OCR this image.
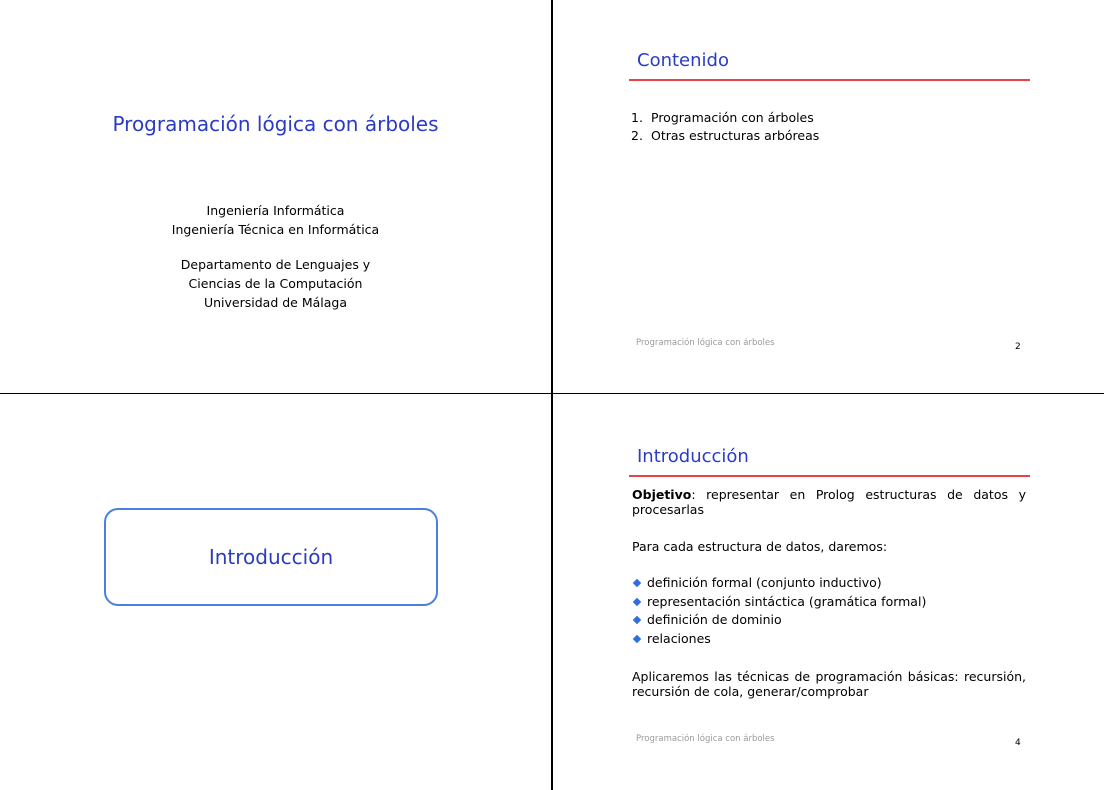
Programación lógica con árboles
Ingeniería Informática
Ingeniería Técnica en Informática
Departamento de Lenguajes y
Ciencias de la Computación
Universidad de Málaga
Contenido
1. Programación con árboles
2. Otras estructuras arbóreas
Programación lógica con árboles	2
Introducción
Introducción
Objetivo: representar en Prolog estructuras de datos y procesarlas
Para cada estructura de datos, daremos:
definición formal (conjunto inductivo)
representación sintáctica (gramática formal)
definición de dominio
relaciones
Aplicaremos las técnicas de programación básicas: recursión, recursión de cola, generar/comprobar
Programación lógica con árboles	4
